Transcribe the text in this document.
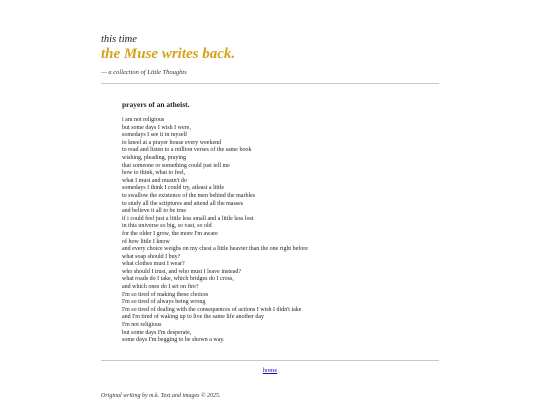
this time
the Muse writes back.
— a collection of Little Thoughts
prayers of an atheist.
i am not religious
but some days I wish I were,
somedays I see it in myself
to kneel at a prayer house every weekend
to read and listen to a million verses of the same book
wishing, pleading, praying
that someone or something could just tell me
how to think, what to feel,
what I must and mustn't do
somedays I think I could try, atleast a little
to swallow the existence of the men behind the marbles
to study all the sctiptures and attend all the masses
and believe it all to be true
if i could feel just a little less small and a little less lost
in this universe so big, so vast, so old
for the older I grow, the more I'm aware
of how little I know
and every choice weighs on my chest a little heavier than the one right before
what soap should I buy?
what clothes must I wear?
who should I trust, and who must I leave instead?
what roads do I take, which bridges do I cross,
and which ones do I set on fire?
I'm so tired of making these choices
I'm so tired of always being wrong
I'm so tired of dealing with the consequences of actions I wish I didn't take
and I'm tired of waking up to live the same life another day
I'm not religious
but some days I'm desperate,
some days I'm begging to be shown a way.
home
Original writing by m.k. Text and images © 2025.
